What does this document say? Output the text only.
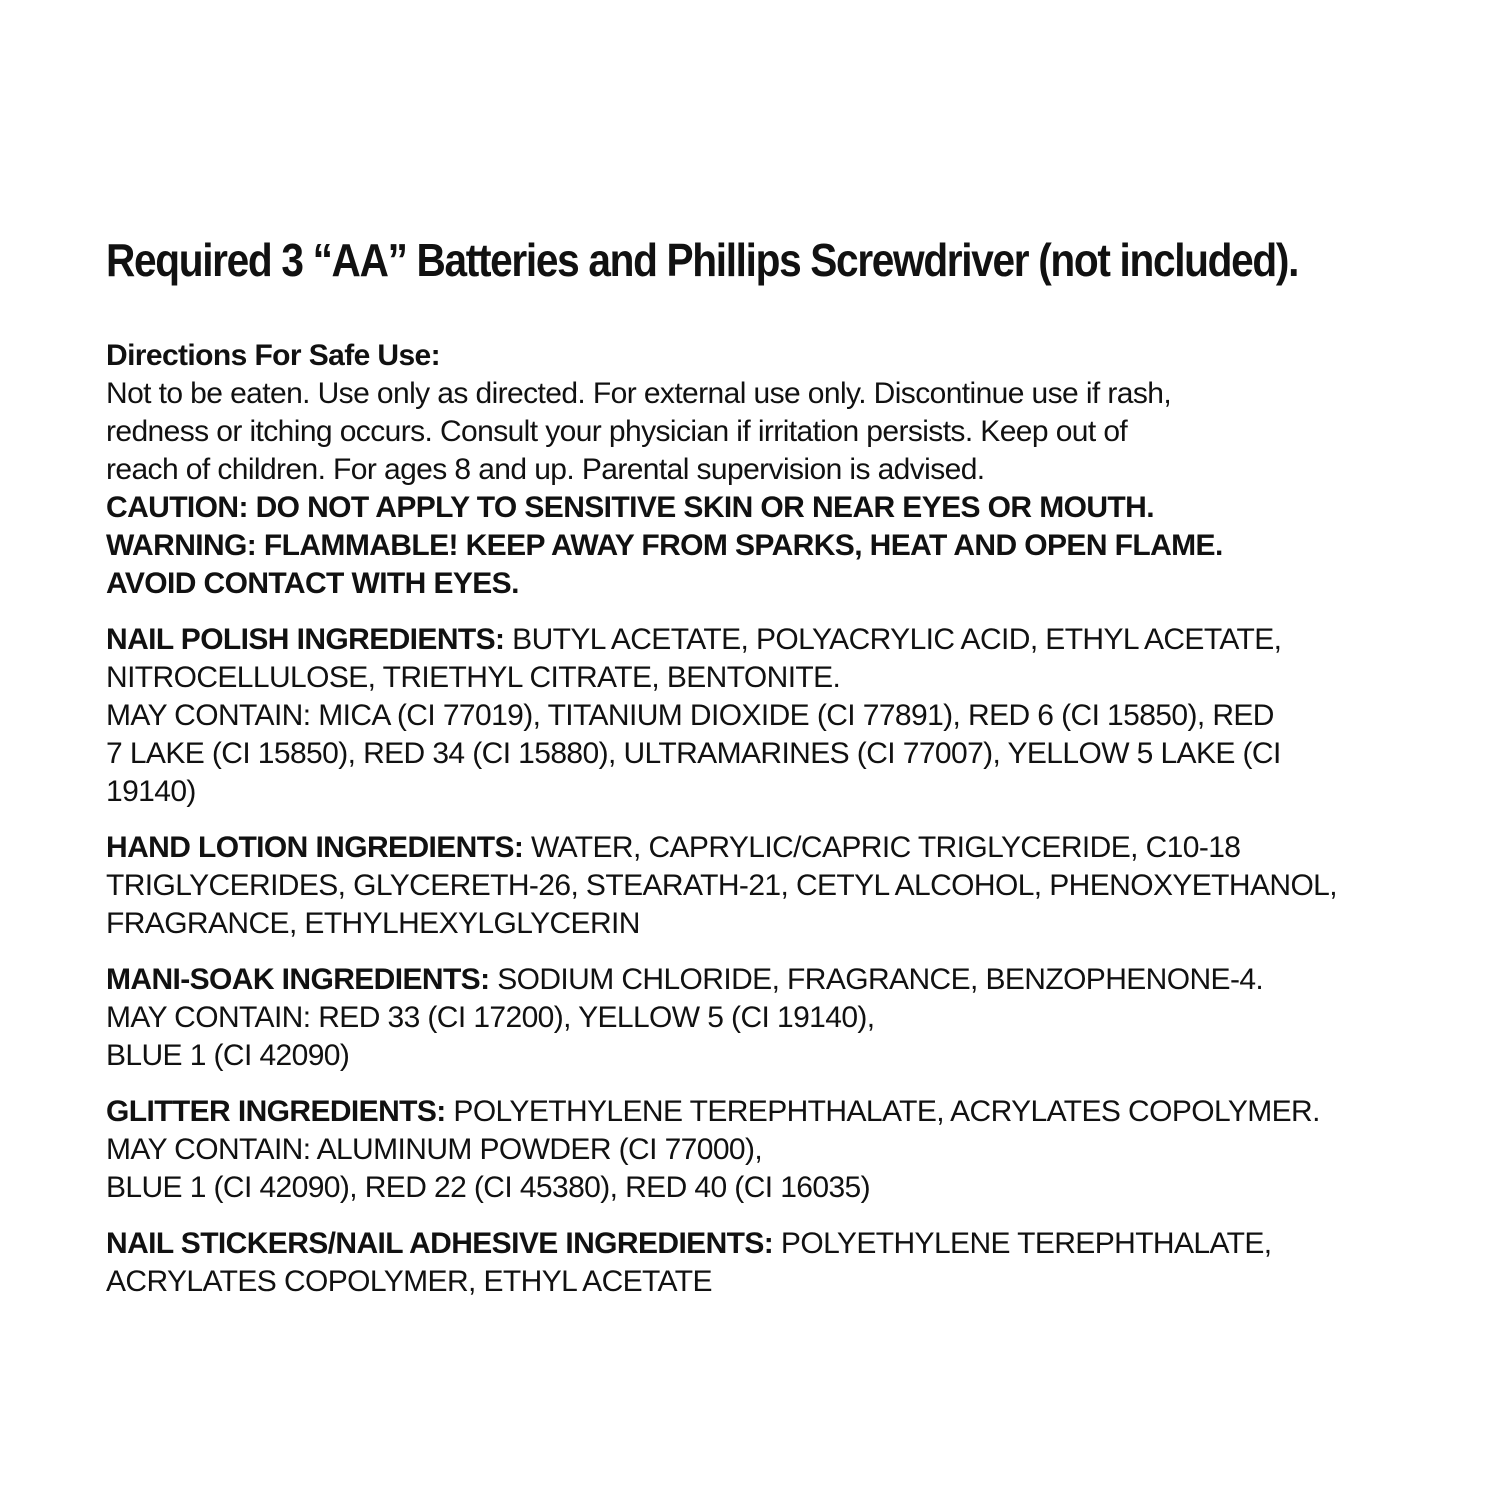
Required 3 “AA” Batteries and Phillips Screwdriver (not included).
Directions For Safe Use:
Not to be eaten. Use only as directed. For external use only. Discontinue use if rash,
redness or itching occurs. Consult your physician if irritation persists. Keep out of
reach of children. For ages 8 and up. Parental supervision is advised.
CAUTION: DO NOT APPLY TO SENSITIVE SKIN OR NEAR EYES OR MOUTH.
WARNING: FLAMMABLE! KEEP AWAY FROM SPARKS, HEAT AND OPEN FLAME.
AVOID CONTACT WITH EYES.
NAIL POLISH INGREDIENTS: BUTYL ACETATE, POLYACRYLIC ACID, ETHYL ACETATE,
NITROCELLULOSE, TRIETHYL CITRATE, BENTONITE.
MAY CONTAIN: MICA (CI 77019), TITANIUM DIOXIDE (CI 77891), RED 6 (CI 15850), RED
7 LAKE (CI 15850), RED 34 (CI 15880), ULTRAMARINES (CI 77007), YELLOW 5 LAKE (CI
19140)
HAND LOTION INGREDIENTS: WATER, CAPRYLIC/CAPRIC TRIGLYCERIDE, C10-18
TRIGLYCERIDES, GLYCERETH-26, STEARATH-21, CETYL ALCOHOL, PHENOXYETHANOL,
FRAGRANCE, ETHYLHEXYLGLYCERIN
MANI-SOAK INGREDIENTS: SODIUM CHLORIDE, FRAGRANCE, BENZOPHENONE-4.
MAY CONTAIN: RED 33 (CI 17200), YELLOW 5 (CI 19140),
BLUE 1 (CI 42090)
GLITTER INGREDIENTS: POLYETHYLENE TEREPHTHALATE, ACRYLATES COPOLYMER.
MAY CONTAIN: ALUMINUM POWDER (CI 77000),
BLUE 1 (CI 42090), RED 22 (CI 45380), RED 40 (CI 16035)
NAIL STICKERS/NAIL ADHESIVE INGREDIENTS: POLYETHYLENE TEREPHTHALATE,
ACRYLATES COPOLYMER, ETHYL ACETATE
